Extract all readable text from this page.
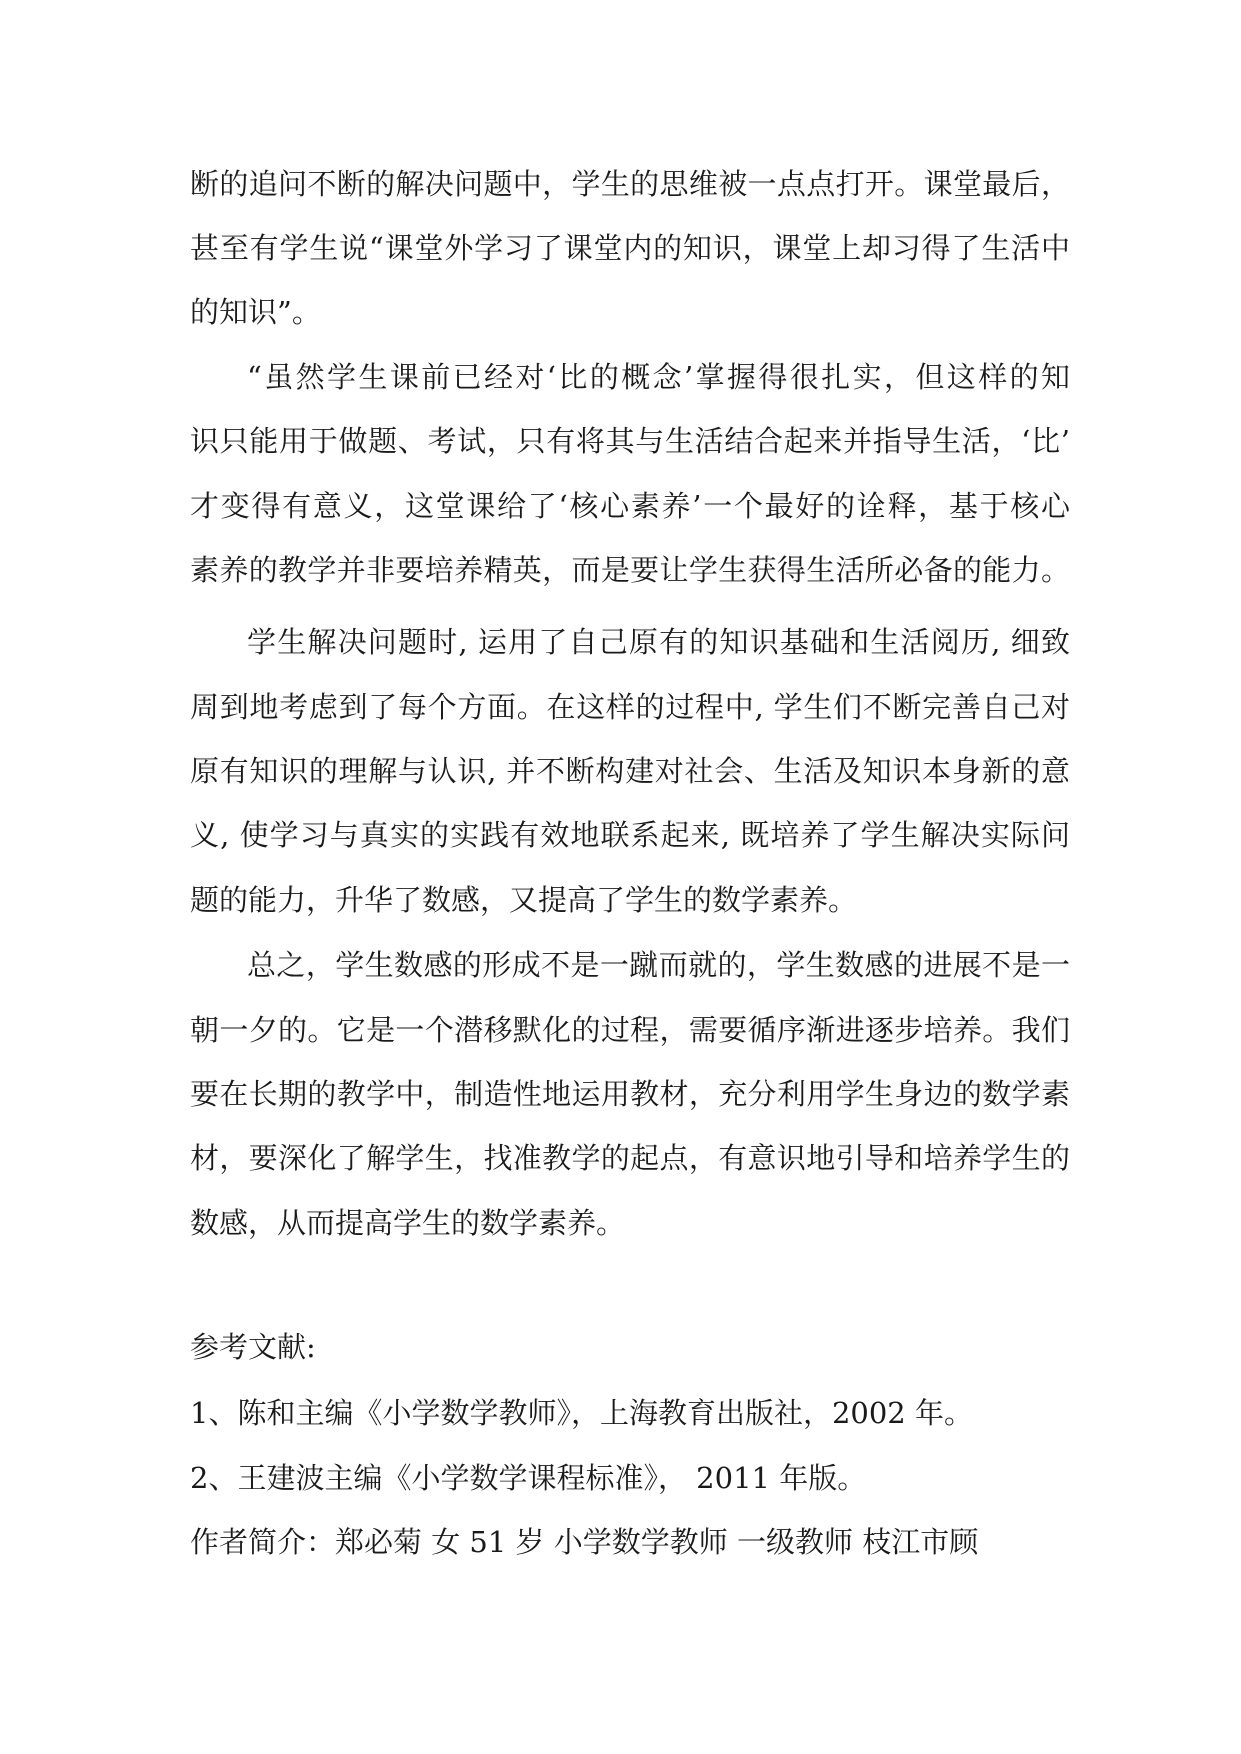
断的追问不断的解决问题中，学生的思维被一点点打开。课堂最后，
甚至有学生说“课堂外学习了课堂内的知识，课堂上却习得了生活中
的知识”。
“虽然学生课前已经对‘比的概念’掌握得很扎实，但这样的知
识只能用于做题、考试，只有将其与生活结合起来并指导生活，‘比’
才变得有意义，这堂课给了‘核心素养’一个最好的诠释，基于核心
素养的教学并非要培养精英，而是要让学生获得生活所必备的能力。
学生解决问题时, 运用了自己原有的知识基础和生活阅历, 细致
周到地考虑到了每个方面。在这样的过程中, 学生们不断完善自己对
原有知识的理解与认识, 并不断构建对社会、生活及知识本身新的意
义, 使学习与真实的实践有效地联系起来, 既培养了学生解决实际问
题的能力，升华了数感，又提高了学生的数学素养。
总之，学生数感的形成不是一蹴而就的，学生数感的进展不是一
朝一夕的。它是一个潜移默化的过程，需要循序渐进逐步培养。我们
要在长期的教学中，制造性地运用教材，充分利用学生身边的数学素
材，要深化了解学生，找准教学的起点，有意识地引导和培养学生的
数感，从而提高学生的数学素养。
参考文献:
1、陈和主编《小学数学教师》，上海教育出版社，2002 年。
2、王建波主编《小学数学课程标准》， 2011 年版。
作者简介：郑必菊 女 51 岁 小学数学教师 一级教师 枝江市顾
